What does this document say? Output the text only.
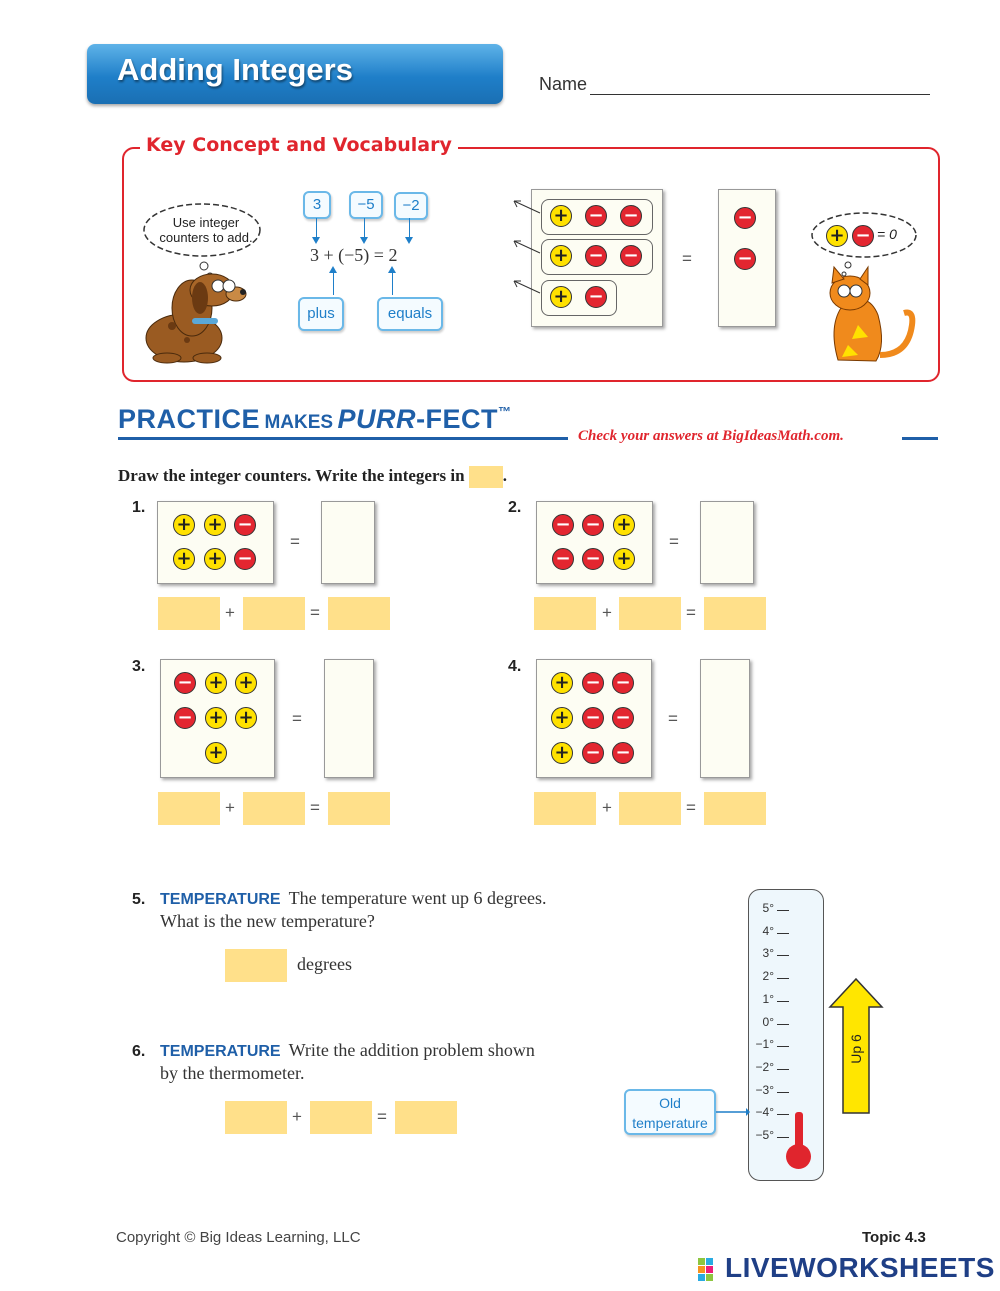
Adding Integers	Name
Key Concept and Vocabulary
Use integer counters to add.
3	−5	−2
3 + (−5) = 2
plus	equals
+ − −
+ − −
+ −
=
−
−
+ − = 0
PRACTICE MAKES PURR-FECT™
Check your answers at BigIdeasMath.com.
Draw the integer counters. Write the integers in .
1.
+ + −
+ + −
=
+	=
2.
− − +
− − +
=
+	=
3.
− + +
− + +
+
=
+	=
4.
+ − −
+ − −
+ − −
=
+	=
5. TEMPERATURE The temperature went up 6 degrees.
What is the new temperature?
degrees
6. TEMPERATURE Write the addition problem shown
by the thermometer.
+	=
5°
4°
3°
2°
1°
0°
−1°
−2°
−3°
−4°
−5°
Old
temperature
Up 6
Copyright © Big Ideas Learning, LLC	Topic 4.3
LIVEWORKSHEETS
